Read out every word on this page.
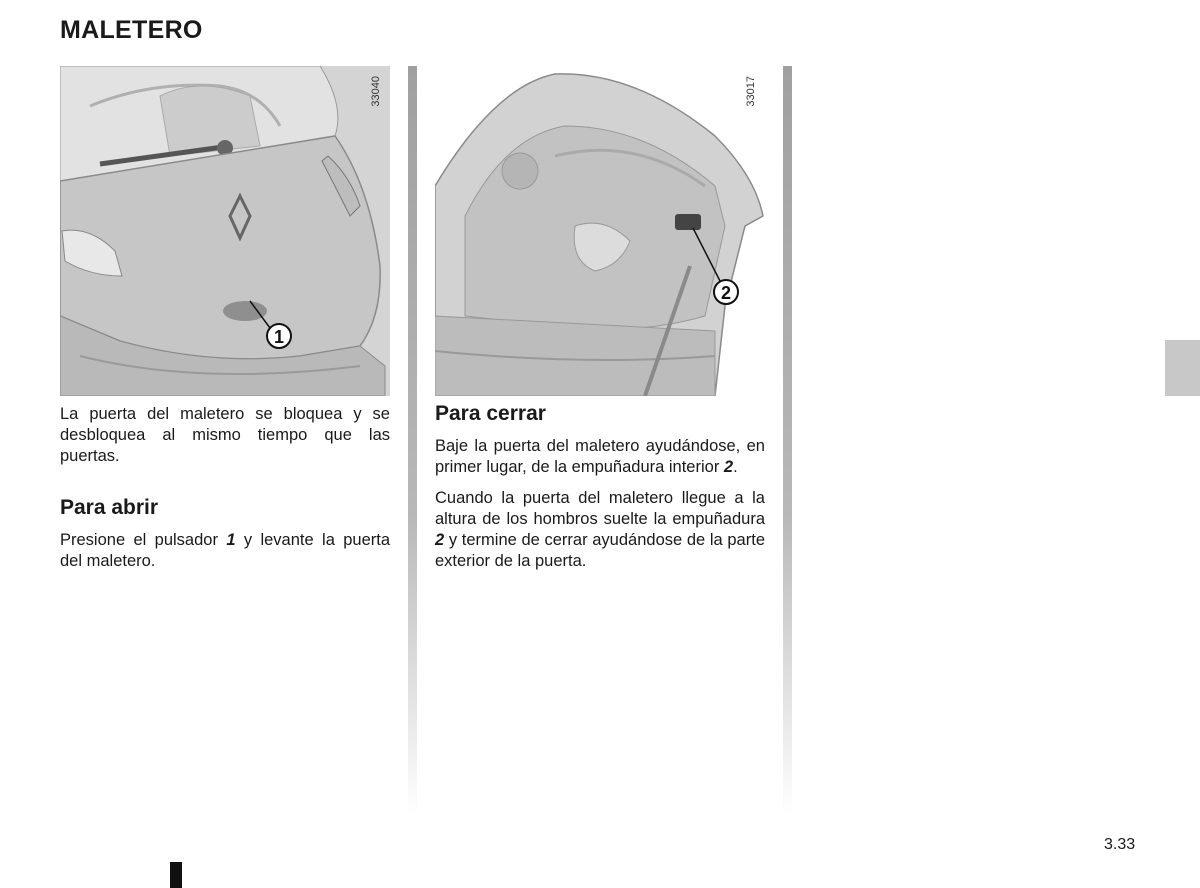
MALETERO
1
33040

La puerta del maletero se bloquea y se desbloquea al mismo tiempo que las puertas.

Para abrir

Presione el pulsador 1 y levante la puerta del maletero.

2
33017
Para cerrar

Baje la puerta del maletero ayudándose, en primer lugar, de la empuñadura interior 2.

Cuando la puerta del maletero llegue a la altura de los hombros suelte la empuñadura 2 y termine de cerrar ayudándose de la parte exterior de la puerta.

3.33
